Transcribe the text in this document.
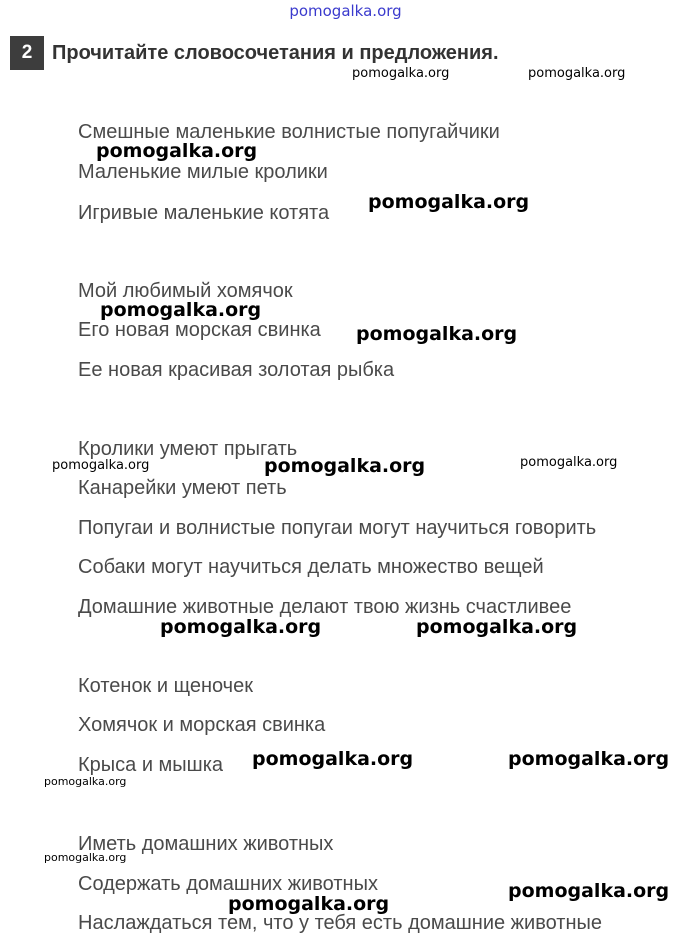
pomogalka.org
2 Прочитайте словосочетания и предложения.
Смешные маленькие волнистые попугайчики
Маленькие милые кролики
Игривые маленькие котята
Мой любимый хомячок
Его новая морская свинка
Ее новая красивая золотая рыбка
Кролики умеют прыгать
Канарейки умеют петь
Попугаи и волнистые попугаи могут научиться говорить
Собаки могут научиться делать множество вещей
Домашние животные делают твою жизнь счастливее
Котенок и щеночек
Хомячок и морская свинка
Крыса и мышка
Иметь домашних животных
Содержать домашних животных
Наслаждаться тем, что у тебя есть домашние животные
pomogalka.org	pomogalka.org
pomogalka.org
pomogalka.org
pomogalka.org
pomogalka.org
pomogalka.org	pomogalka.org	pomogalka.org
pomogalka.org	pomogalka.org
pomogalka.org	pomogalka.org
pomogalka.org
pomogalka.org
pomogalka.org
pomogalka.org
